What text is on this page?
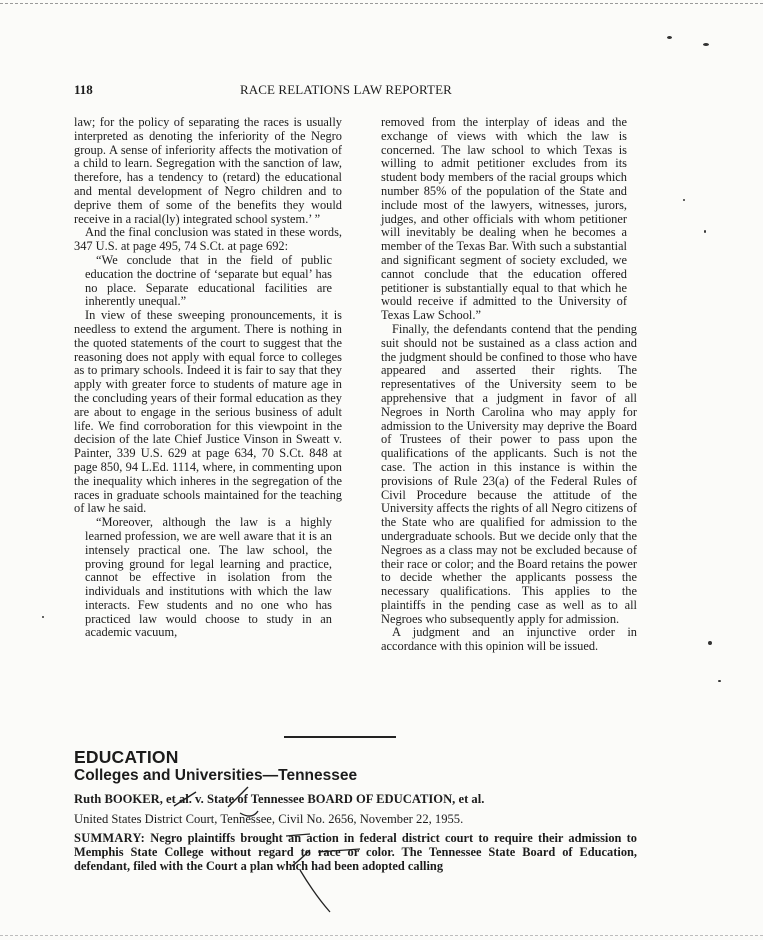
118	RACE RELATIONS LAW REPORTER

law; for the policy of separating the races is usually interpreted as denoting the inferiority of the Negro group. A sense of inferiority affects the motivation of a child to learn. Segregation with the sanction of law, therefore, has a tendency to (retard) the educational and mental development of Negro children and to deprive them of some of the benefits they would receive in a racial(ly) integrated school system.’ ”

And the final conclusion was stated in these words, 347 U.S. at page 495, 74 S.Ct. at page 692:

“We conclude that in the field of public education the doctrine of ‘separate but equal’ has no place. Separate educational facilities are inherently unequal.”

In view of these sweeping pronouncements, it is needless to extend the argument. There is nothing in the quoted statements of the court to suggest that the reasoning does not apply with equal force to colleges as to primary schools. Indeed it is fair to say that they apply with greater force to students of mature age in the concluding years of their formal education as they are about to engage in the serious business of adult life. We find corroboration for this viewpoint in the decision of the late Chief Justice Vinson in Sweatt v. Painter, 339 U.S. 629 at page 634, 70 S.Ct. 848 at page 850, 94 L.Ed. 1114, where, in commenting upon the inequality which inheres in the segregation of the races in graduate schools maintained for the teaching of law he said.

“Moreover, although the law is a highly learned profession, we are well aware that it is an intensely practical one. The law school, the proving ground for legal learning and practice, cannot be effective in isolation from the individuals and institutions with which the law interacts. Few students and no one who has practiced law would choose to study in an academic vacuum,

removed from the interplay of ideas and the exchange of views with which the law is concerned. The law school to which Texas is willing to admit petitioner excludes from its student body members of the racial groups which number 85% of the population of the State and include most of the lawyers, witnesses, jurors, judges, and other officials with whom petitioner will inevitably be dealing when he becomes a member of the Texas Bar. With such a substantial and significant segment of society excluded, we cannot conclude that the education offered petitioner is substantially equal to that which he would receive if admitted to the University of Texas Law School.”

Finally, the defendants contend that the pending suit should not be sustained as a class action and the judgment should be confined to those who have appeared and asserted their rights. The representatives of the University seem to be apprehensive that a judgment in favor of all Negroes in North Carolina who may apply for admission to the University may deprive the Board of Trustees of their power to pass upon the qualifications of the applicants. Such is not the case. The action in this instance is within the provisions of Rule 23(a) of the Federal Rules of Civil Procedure because the attitude of the University affects the rights of all Negro citizens of the State who are qualified for admission to the undergraduate schools. But we decide only that the Negroes as a class may not be excluded because of their race or color; and the Board retains the power to decide whether the applicants possess the necessary qualifications. This applies to the plaintiffs in the pending case as well as to all Negroes who subsequently apply for admission.

A judgment and an injunctive order in accordance with this opinion will be issued.

EDUCATION
Colleges and Universities—Tennessee
Ruth BOOKER, et al. v. State of Tennessee BOARD OF EDUCATION, et al.
United States District Court, Tennessee, Civil No. 2656, November 22, 1955.
SUMMARY: Negro plaintiffs brought an action in federal district court to require their admission to Memphis State College without regard to race or color. The Tennessee State Board of Education, defendant, filed with the Court a plan which had been adopted calling
